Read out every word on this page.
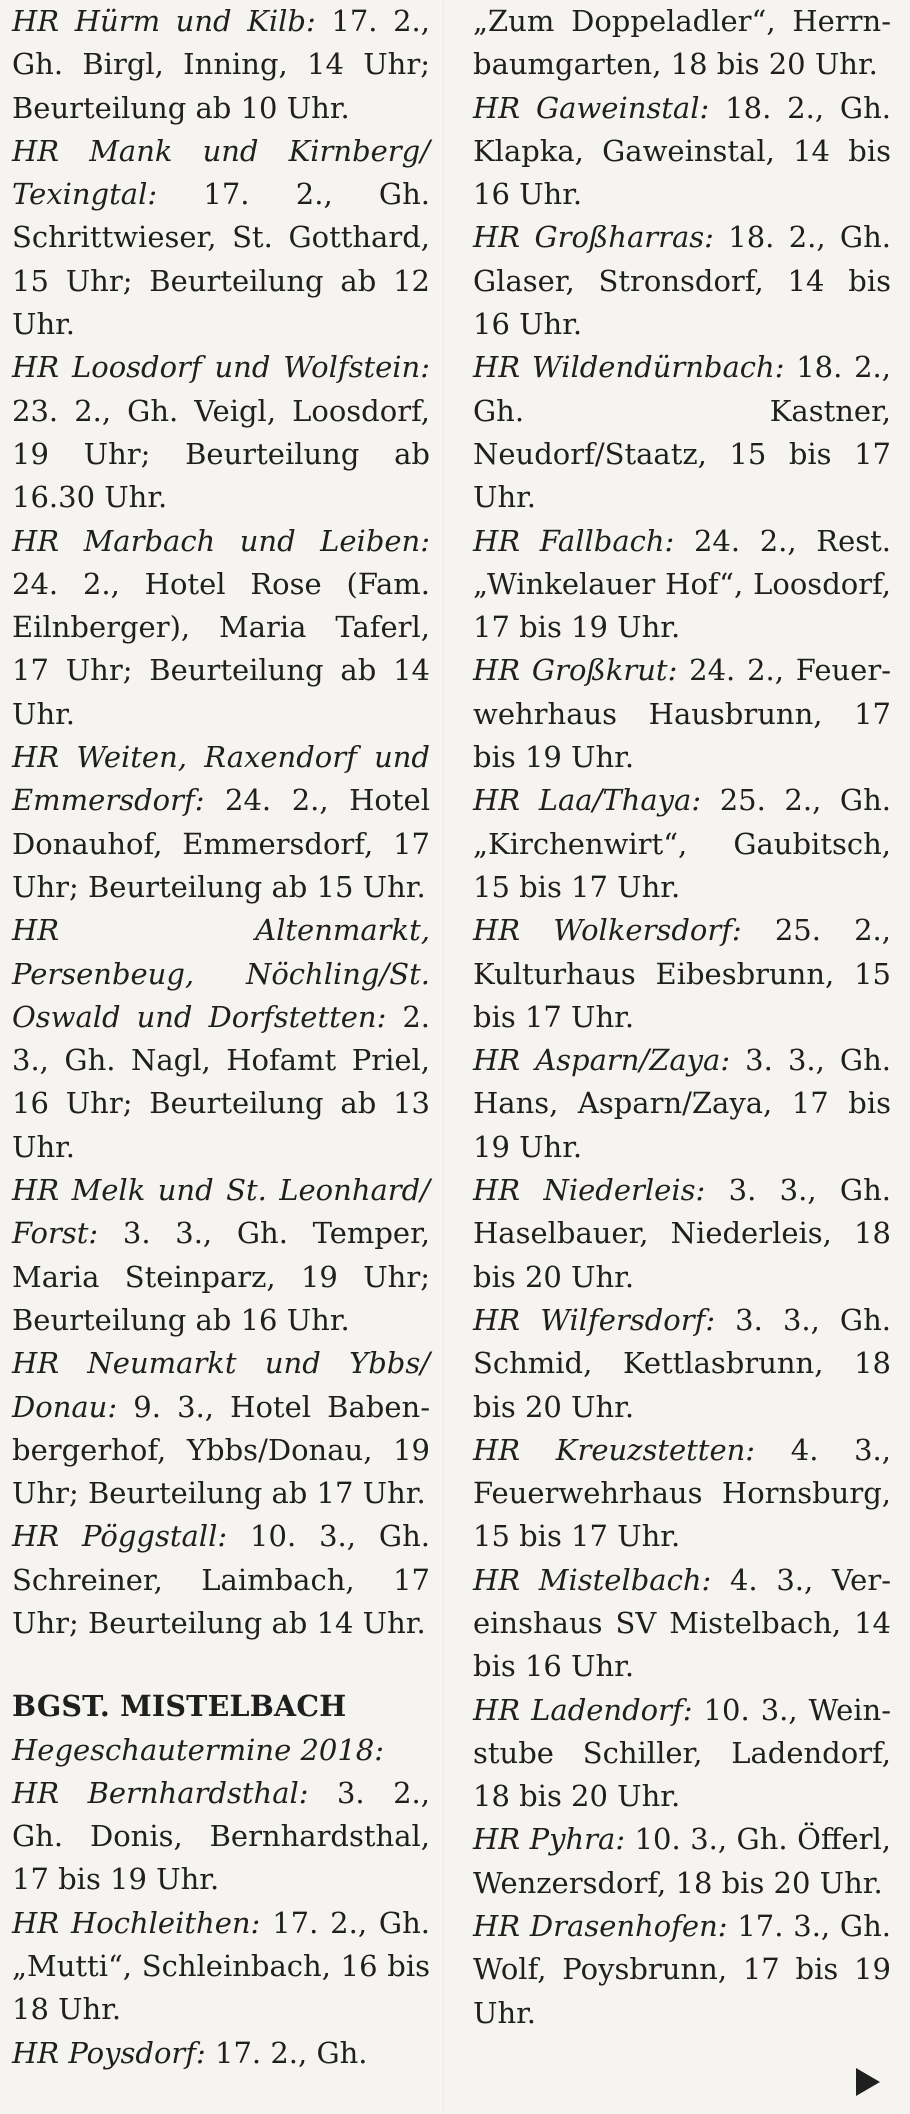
HR Hürm und Kilb: 17. 2., Gh. Birgl, Inning, 14 Uhr; Beurteilung ab 10 Uhr.

HR Mank und Kirnberg/ Texingtal: 17. 2., Gh. Schrittwieser, St. Gotthard, 15 Uhr; Beurteilung ab 12 Uhr.

HR Loosdorf und Wolfstein: 23. 2., Gh. Veigl, Loosdorf, 19 Uhr; Beurteilung ab 16.30 Uhr.

HR Marbach und Leiben: 24. 2., Hotel Rose (Fam. Eilnberger), Maria Taferl, 17 Uhr; Beurteilung ab 14 Uhr.

HR Weiten, Raxendorf und Emmersdorf: 24. 2., Hotel Donauhof, Emmersdorf, 17 Uhr; Beurteilung ab 15 Uhr.

HR Altenmarkt, Persenbeug, Nöchling/St. Oswald und Dorfstetten: 2. 3., Gh. Nagl, Hofamt Priel, 16 Uhr; Beurteilung ab 13 Uhr.

HR Melk und St. Leonhard/ Forst: 3. 3., Gh. Temper, Maria Steinparz, 19 Uhr; Beurteilung ab 16 Uhr.

HR Neumarkt und Ybbs/ Donau: 9. 3., Hotel Babenbergerhof, Ybbs/Donau, 19 Uhr; Beurteilung ab 17 Uhr.

HR Pöggstall: 10. 3., Gh. Schreiner, Laimbach, 17 Uhr; Beurteilung ab 14 Uhr.

BGST. MISTELBACH

Hegeschautermine 2018:

HR Bernhardsthal: 3. 2., Gh. Donis, Bernhardsthal, 17 bis 19 Uhr.

HR Hochleithen: 17. 2., Gh. „Mutti“, Schleinbach, 16 bis 18 Uhr.

HR Poysdorf: 17. 2., Gh.

„Zum Doppeladler“, Herrnbaumgarten, 18 bis 20 Uhr.

HR Gaweinstal: 18. 2., Gh. Klapka, Gaweinstal, 14 bis 16 Uhr.

HR Großharras: 18. 2., Gh. Glaser, Stronsdorf, 14 bis 16 Uhr.

HR Wildendürnbach: 18. 2., Gh. Kastner, Neudorf/Staatz, 15 bis 17 Uhr.

HR Fallbach: 24. 2., Rest. „Winkelauer Hof“, Loosdorf, 17 bis 19 Uhr.

HR Großkrut: 24. 2., Feuerwehrhaus Hausbrunn, 17 bis 19 Uhr.

HR Laa/Thaya: 25. 2., Gh. „Kirchenwirt“, Gaubitsch, 15 bis 17 Uhr.

HR Wolkersdorf: 25. 2., Kulturhaus Eibesbrunn, 15 bis 17 Uhr.

HR Asparn/Zaya: 3. 3., Gh. Hans, Asparn/Zaya, 17 bis 19 Uhr.

HR Niederleis: 3. 3., Gh. Haselbauer, Niederleis, 18 bis 20 Uhr.

HR Wilfersdorf: 3. 3., Gh. Schmid, Kettlasbrunn, 18 bis 20 Uhr.

HR Kreuzstetten: 4. 3., Feuerwehrhaus Hornsburg, 15 bis 17 Uhr.

HR Mistelbach: 4. 3., Vereinshaus SV Mistelbach, 14 bis 16 Uhr.

HR Ladendorf: 10. 3., Weinstube Schiller, Ladendorf, 18 bis 20 Uhr.

HR Pyhra: 10. 3., Gh. Öfferl, Wenzersdorf, 18 bis 20 Uhr.

HR Drasenhofen: 17. 3., Gh. Wolf, Poysbrunn, 17 bis 19 Uhr.
